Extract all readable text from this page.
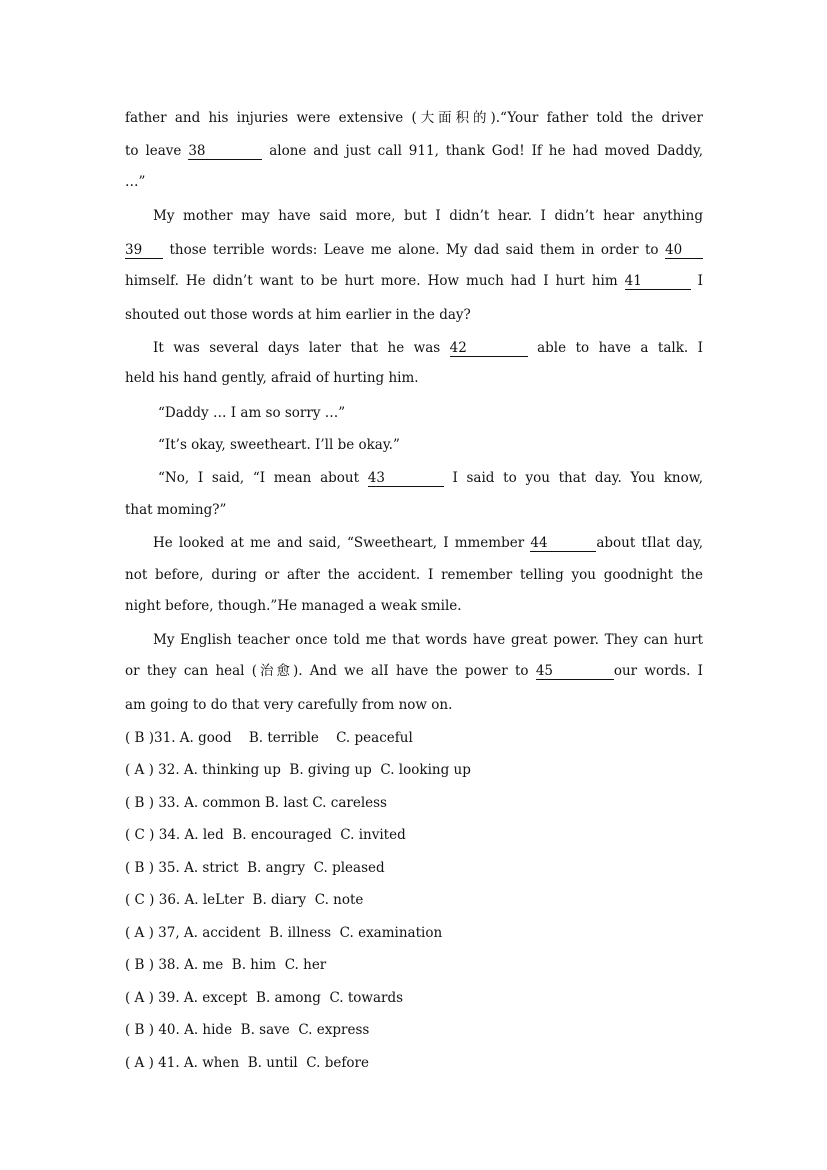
father and his injuries were extensive (大面积的).“Your father told the driver
to leave 38	alone and just call 911, thank God! If he had moved Daddy,
…”
My mother may have said more, but I didn’t hear. I didn’t hear anything
39 those terrible words: Leave me alone. My dad said them in order to 40
himself. He didn’t want to be hurt more. How much had I hurt him 41	I
shouted out those words at him earlier in the day?
It was several days later that he was 42	able to have a talk. I
held his hand gently, afraid of hurting him.
“Daddy … I am so sorry …”
“It’s okay, sweetheart. I’ll be okay.”
“No, I said, “I mean about 43	I said to you that day. You know,
that moming?”
He looked at me and said, “Sweetheart, I mmember 44	about tIlat day,
not before, during or after the accident. I remember telling you goodnight the
night before, though.”He managed a weak smile.
My English teacher once told me that words have great power. They can hurt
or they can heal (治愈). And we alI have the power to 45	our words. I
am going to do that very carefully from now on.
( B )31. A. good    B. terrible    C. peaceful
( A ) 32. A. thinking up  B. giving up  C. looking up
( B ) 33. A. common B. last C. careless
( C ) 34. A. led  B. encouraged  C. invited
( B ) 35. A. strict  B. angry  C. pleased
( C ) 36. A. leLter  B. diary  C. note
( A ) 37, A. accident  B. illness  C. examination
( B ) 38. A. me  B. him  C. her
( A ) 39. A. except  B. among  C. towards
( B ) 40. A. hide  B. save  C. express
( A ) 41. A. when  B. until  C. before
